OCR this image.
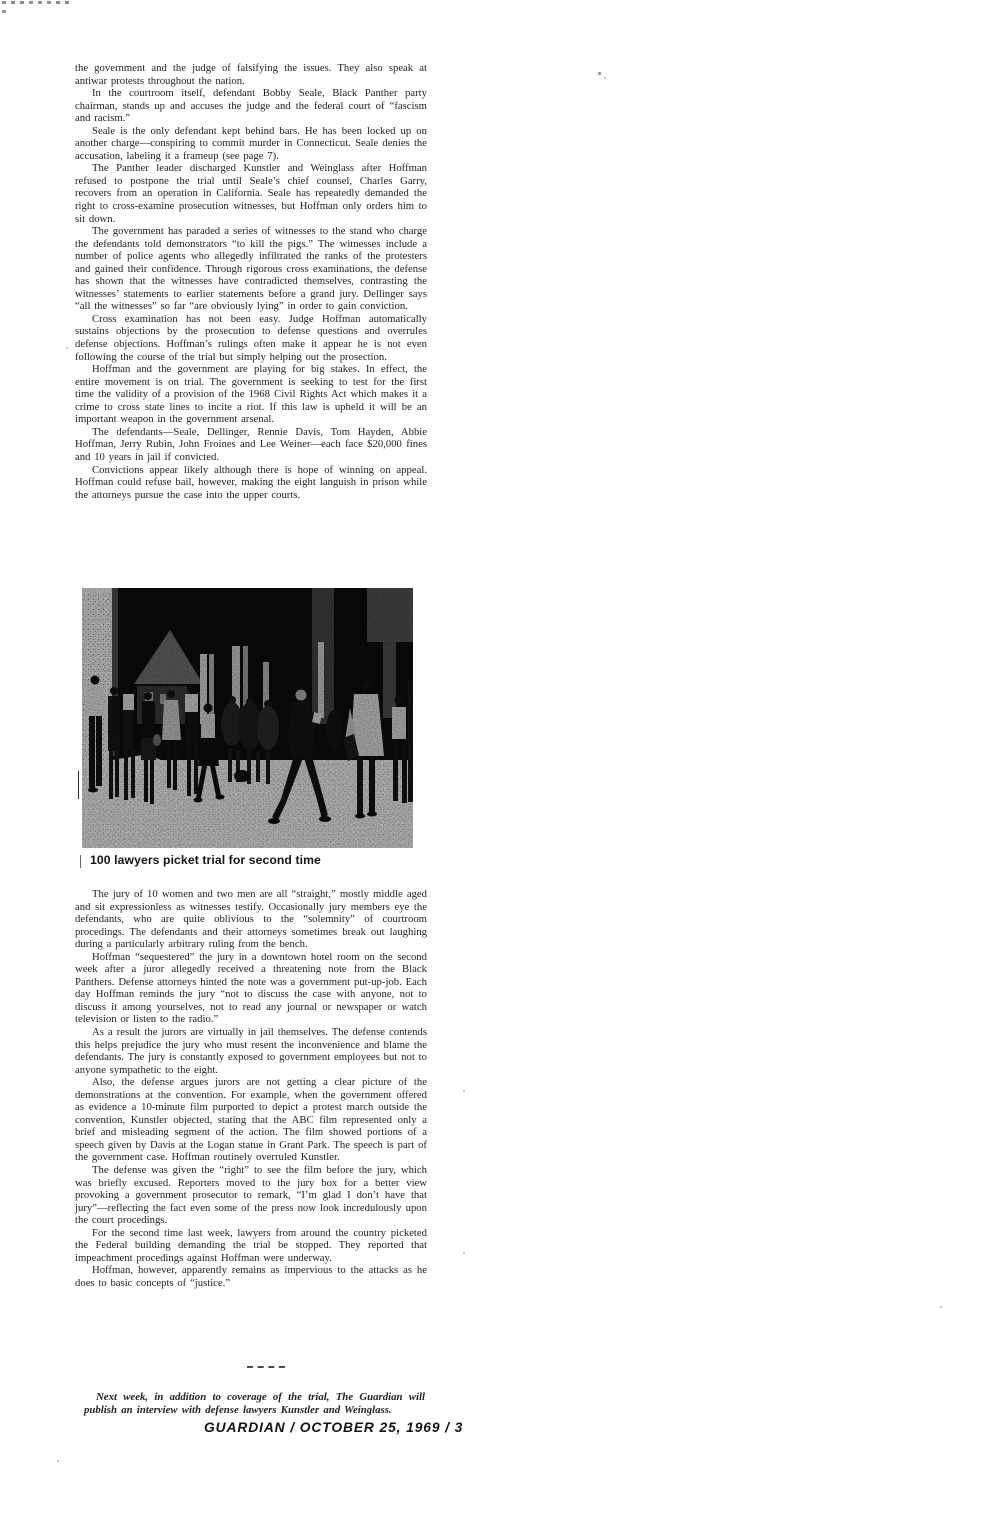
the government and the judge of falsifying the issues. They also speak at antiwar protests throughout the nation.

In the courtroom itself, defendant Bobby Seale, Black Panther party chairman, stands up and accuses the judge and the federal court of “fascism and racism.”

Seale is the only defendant kept behind bars. He has been locked up on another charge—conspiring to commit murder in Connecticut. Seale denies the accusation, labeling it a frameup (see page 7).

The Panther leader discharged Kunstler and Weinglass after Hoffman refused to postpone the trial until Seale’s chief counsel, Charles Garry, recovers from an operation in California. Seale has repeatedly demanded the right to cross-examine prosecution witnesses, but Hoffman only orders him to sit down.

The government has paraded a series of witnesses to the stand who charge the defendants told demonstrators “to kill the pigs.” The witnesses include a number of police agents who allegedly infiltrated the ranks of the protesters and gained their confidence. Through rigorous cross examinations, the defense has shown that the witnesses have contradicted themselves, contrasting the witnesses’ statements to earlier statements before a grand jury. Dellinger says “all the witnesses” so far “are obviously lying” in order to gain conviction.

Cross examination has not been easy. Judge Hoffman automatically sustains objections by the prosecution to defense questions and overrules defense objections. Hoffman’s rulings often make it appear he is not even following the course of the trial but simply helping out the prosection.

Hoffman and the government are playing for big stakes. In effect, the entire movement is on trial. The government is seeking to test for the first time the validity of a provision of the 1968 Civil Rights Act which makes it a crime to cross state lines to incite a riot. If this law is upheld it will be an important weapon in the government arsenal.

The defendants—Seale, Dellinger, Rennie Davis, Tom Hayden, Abbie Hoffman, Jerry Rubin, John Froines and Lee Weiner—each face $20,000 fines and 10 years in jail if convicted.

Convictions appear likely although there is hope of winning on appeal. Hoffman could refuse bail, however, making the eight languish in prison while the attorneys pursue the case into the upper courts.

100 lawyers picket trial for second time

The jury of 10 women and two men are all “straight,” mostly middle aged and sit expressionless as witnesses testify. Occasionally jury members eye the defendants, who are quite oblivious to the “solemnity” of courtroom procedings. The defendants and their attorneys sometimes break out laughing during a particularly arbitrary ruling from the bench.

Hoffman “sequestered” the jury in a downtown hotel room on the second week after a juror allegedly received a threatening note from the Black Panthers. Defense attorneys hinted the note was a government put-up-job. Each day Hoffman reminds the jury “not to discuss the case with anyone, not to discuss it among yourselves, not to read any journal or newspaper or watch television or listen to the radio.”

As a result the jurors are virtually in jail themselves. The defense contends this helps prejudice the jury who must resent the inconvenience and blame the defendants. The jury is constantly exposed to government employees but not to anyone sympathetic to the eight.

Also, the defense argues jurors are not getting a clear picture of the demonstrations at the convention. For example, when the government offered as evidence a 10-minute film purported to depict a protest march outside the convention, Kunstler objected, stating that the ABC film represented only a brief and misleading segment of the action. The film showed portions of a speech given by Davis at the Logan statue in Grant Park. The speech is part of the government case. Hoffman routinely overruled Kunstler.

The defense was given the “right” to see the film before the jury, which was briefly excused. Reporters moved to the jury box for a better view provoking a government prosecutor to remark, “I’m glad I don’t have that jury”—reflecting the fact even some of the press now look incredulously upon the court procedings.

For the second time last week, lawyers from around the country picketed the Federal building demanding the trial be stopped. They reported that impeachment procedings against Hoffman were underway.

Hoffman, however, apparently remains as impervious to the attacks as he does to basic concepts of “justice.”

Next week, in addition to coverage of the trial, The Guardian will publish an interview with defense lawyers Kunstler and Weinglass.
GUARDIAN / OCTOBER 25, 1969 / 3
